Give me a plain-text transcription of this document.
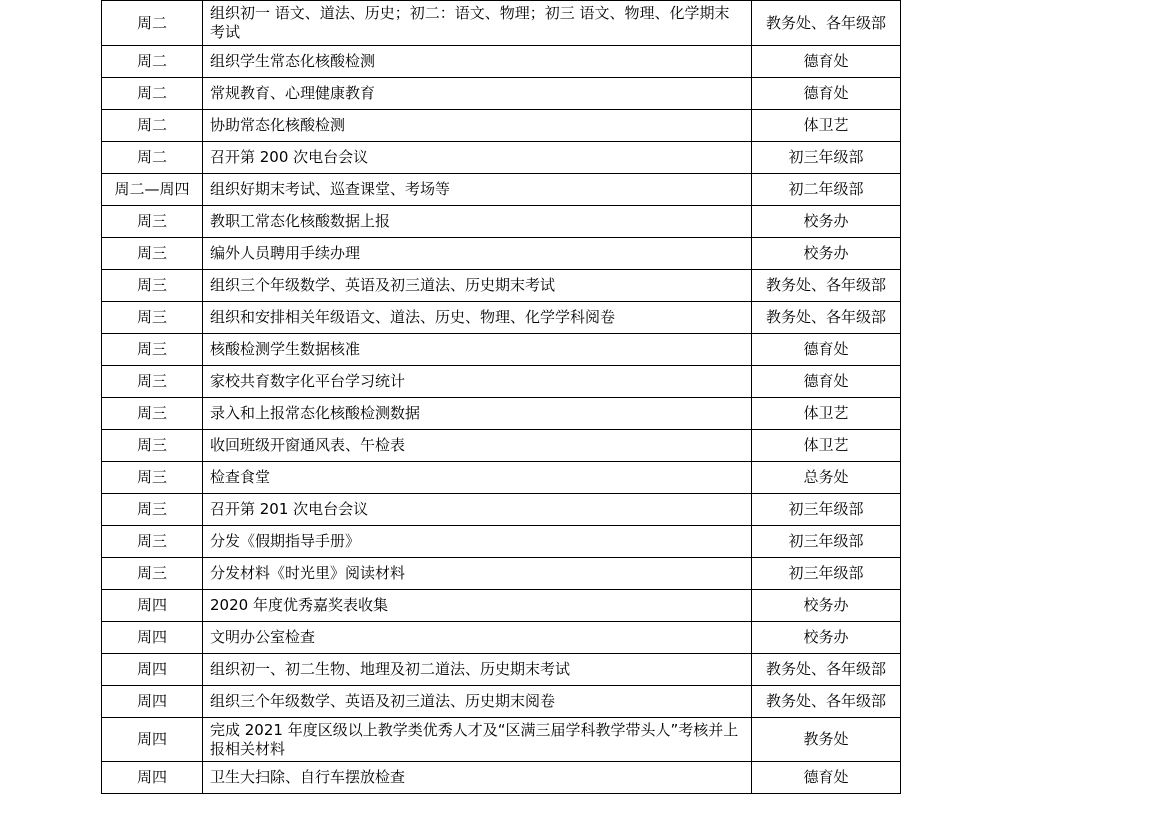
周二	组织初一 语文、道法、历史；初二：语文、物理；初三 语文、物理、化学期末考试	教务处、各年级部
周二	组织学生常态化核酸检测	德育处
周二	常规教育、心理健康教育	德育处
周二	协助常态化核酸检测	体卫艺
周二	召开第 200 次电台会议	初三年级部
周二—周四	组织好期末考试、巡查课堂、考场等	初二年级部
周三	教职工常态化核酸数据上报	校务办
周三	编外人员聘用手续办理	校务办
周三	组织三个年级数学、英语及初三道法、历史期末考试	教务处、各年级部
周三	组织和安排相关年级语文、道法、历史、物理、化学学科阅卷	教务处、各年级部
周三	核酸检测学生数据核准	德育处
周三	家校共育数字化平台学习统计	德育处
周三	录入和上报常态化核酸检测数据	体卫艺
周三	收回班级开窗通风表、午检表	体卫艺
周三	检查食堂	总务处
周三	召开第 201 次电台会议	初三年级部
周三	分发《假期指导手册》	初三年级部
周三	分发材料《时光里》阅读材料	初三年级部
周四	2020 年度优秀嘉奖表收集	校务办
周四	文明办公室检查	校务办
周四	组织初一、初二生物、地理及初二道法、历史期末考试	教务处、各年级部
周四	组织三个年级数学、英语及初三道法、历史期末阅卷	教务处、各年级部
周四	完成 2021 年度区级以上教学类优秀人才及“区满三届学科教学带头人”考核并上报相关材料	教务处
周四	卫生大扫除、自行车摆放检查	德育处
